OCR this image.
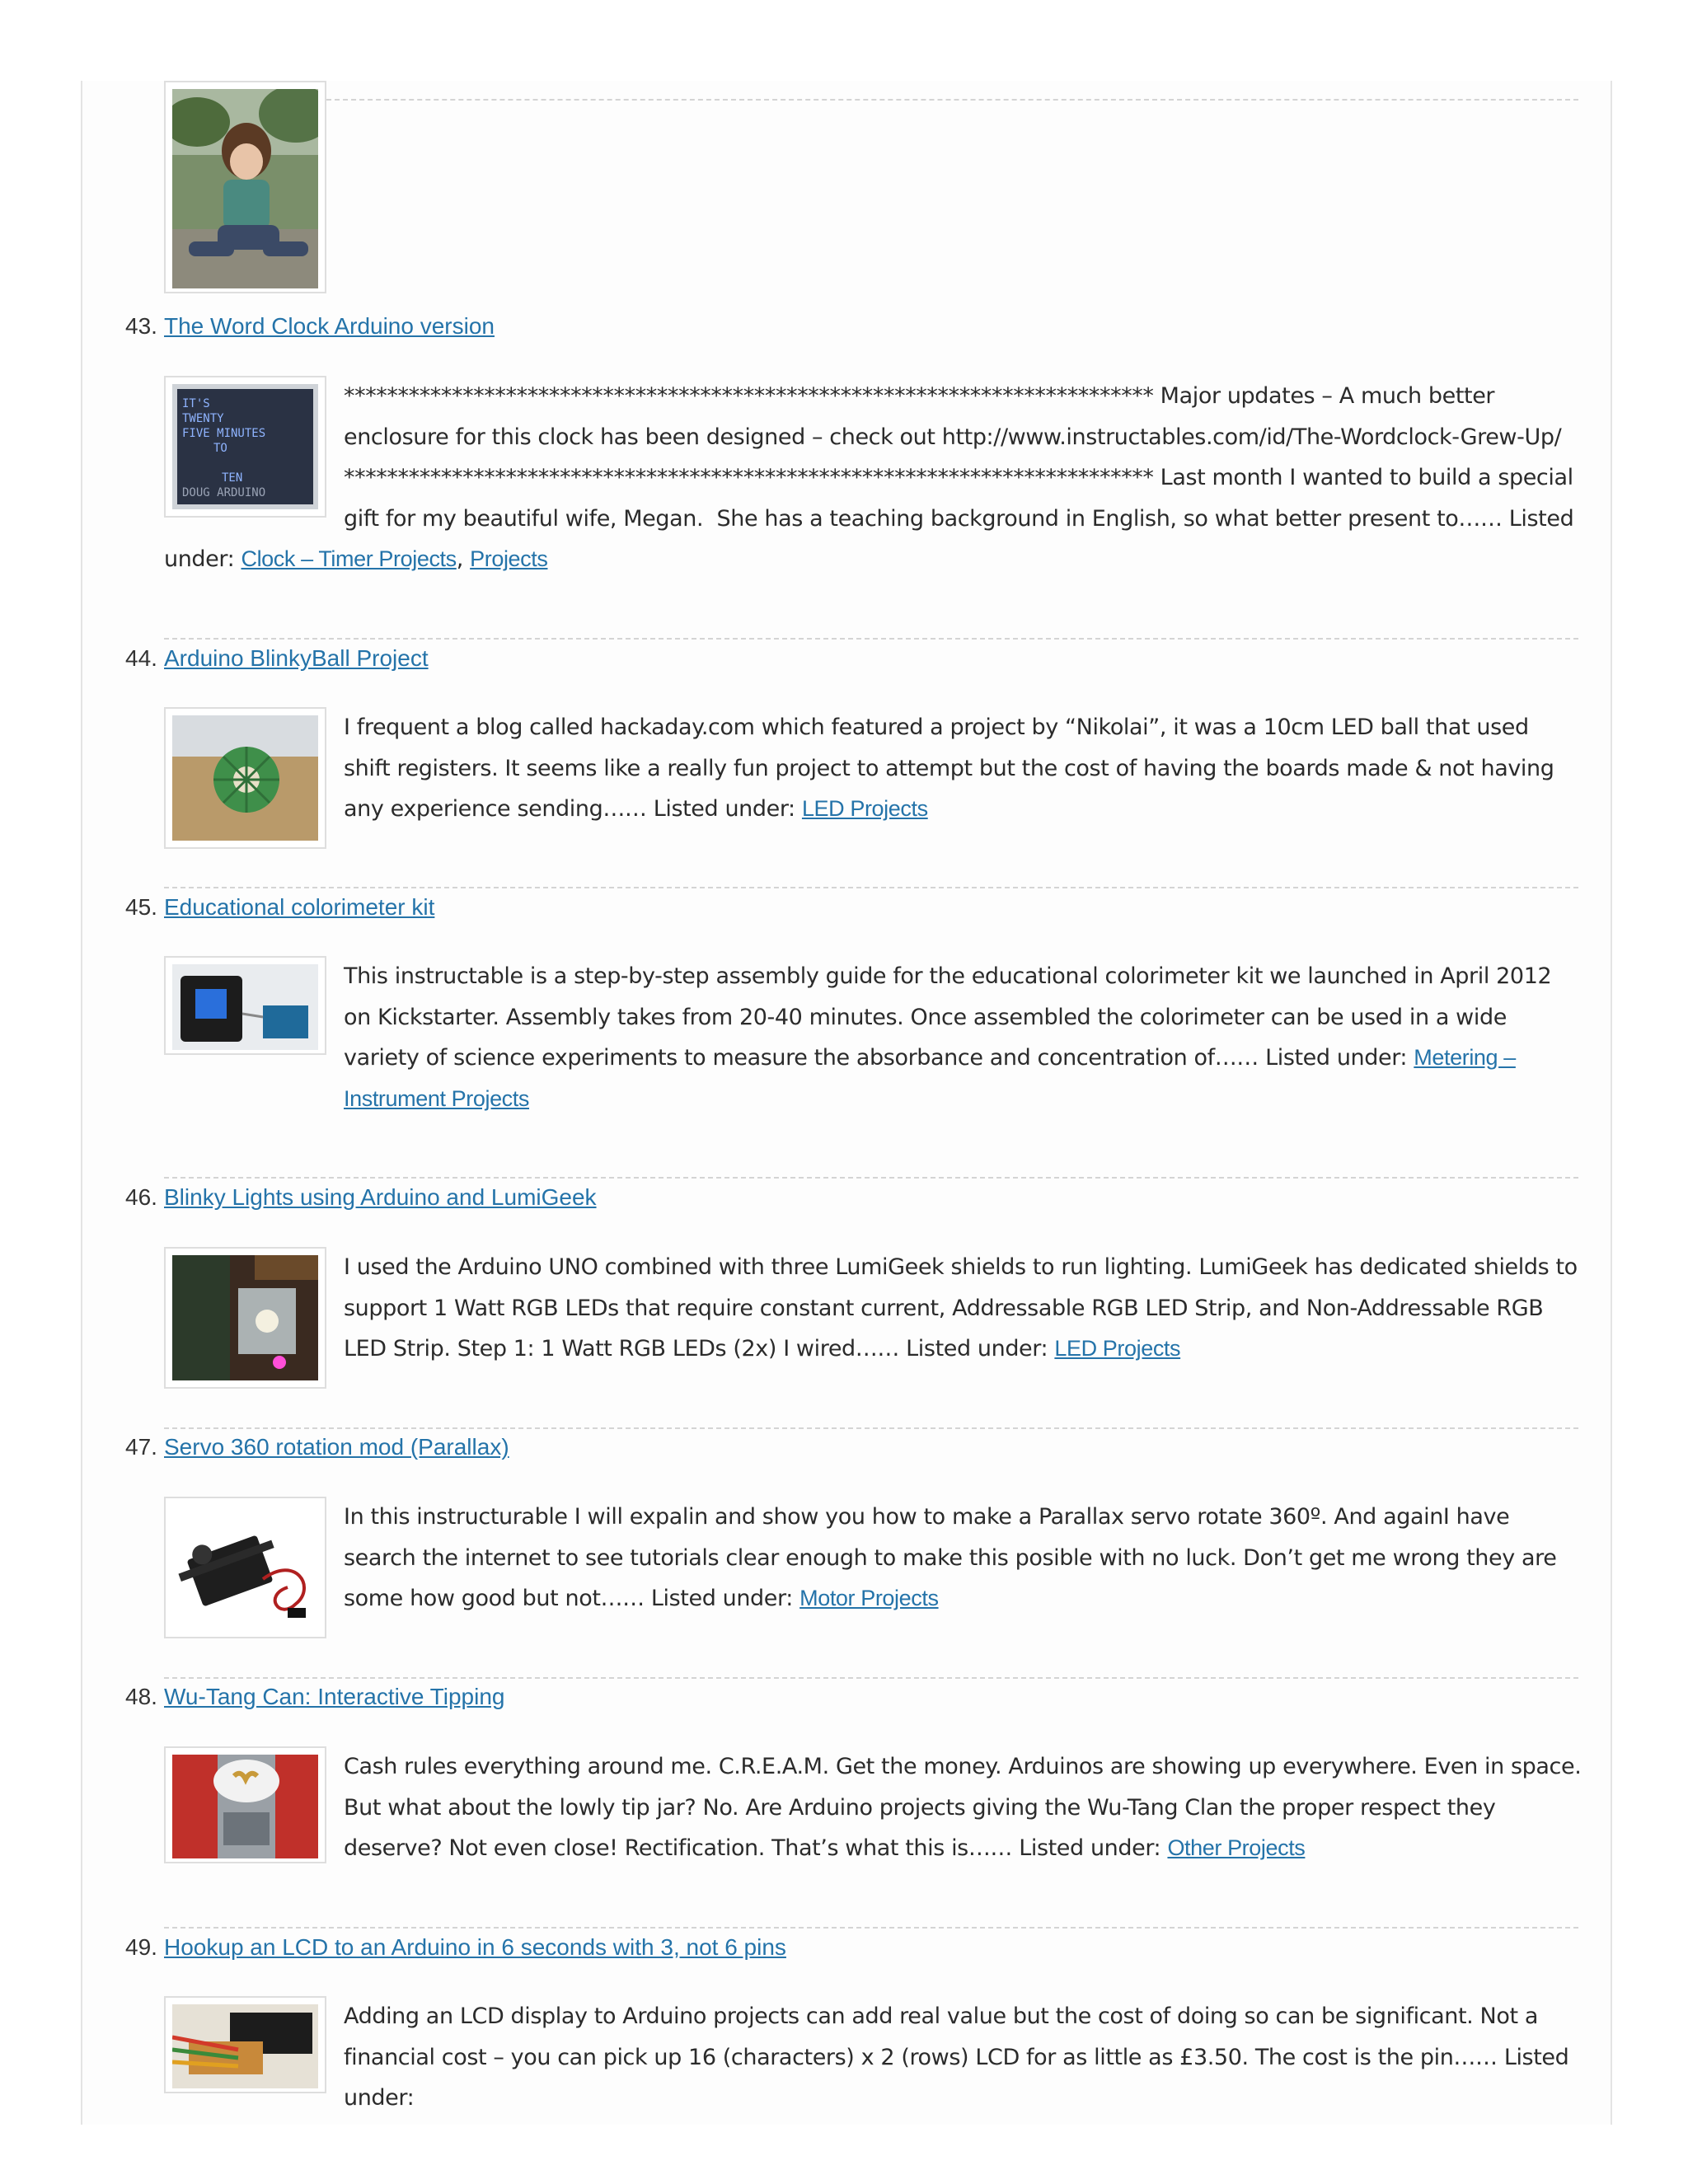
43. The Word Clock Arduino version
IT'S
TWENTY
FIVE MINUTES
TO
TEN
DOUG ARDUINO
*************************************************************************** Major updates – A much better enclosure for this clock has been designed – check out http://www.instructables.com/id/The-Wordclock-Grew-Up/ *************************************************************************** Last month I wanted to build a special gift for my beautiful wife, Megan.  She has a teaching background in English, so what better present to…… Listed under: Clock – Timer Projects, Projects
44. Arduino BlinkyBall Project
I frequent a blog called hackaday.com which featured a project by “Nikolai”, it was a 10cm LED ball that used shift registers. It seems like a really fun project to attempt but the cost of having the boards made & not having any experience sending…… Listed under: LED Projects
45. Educational colorimeter kit
This instructable is a step-by-step assembly guide for the educational colorimeter kit we launched in April 2012 on Kickstarter. Assembly takes from 20-40 minutes. Once assembled the colorimeter can be used in a wide variety of science experiments to measure the absorbance and concentration of…… Listed under: Metering – Instrument Projects
46. Blinky Lights using Arduino and LumiGeek
I used the Arduino UNO combined with three LumiGeek shields to run lighting. LumiGeek has dedicated shields to support 1 Watt RGB LEDs that require constant current, Addressable RGB LED Strip, and Non-Addressable RGB LED Strip. Step 1: 1 Watt RGB LEDs (2x) I wired…… Listed under: LED Projects
47. Servo 360 rotation mod (Parallax)
In this instructurable I will expalin and show you how to make a Parallax servo rotate 360º. And againI have search the internet to see tutorials clear enough to make this posible with no luck. Don’t get me wrong they are some how good but not…… Listed under: Motor Projects
48. Wu-Tang Can: Interactive Tipping
Cash rules everything around me. C.R.E.A.M. Get the money. Arduinos are showing up everywhere. Even in space. But what about the lowly tip jar? No. Are Arduino projects giving the Wu-Tang Clan the proper respect they deserve? Not even close! Rectification. That’s what this is…… Listed under: Other Projects
49. Hookup an LCD to an Arduino in 6 seconds with 3, not 6 pins
Adding an LCD display to Arduino projects can add real value but the cost of doing so can be significant. Not a financial cost – you can pick up 16 (characters) x 2 (rows) LCD for as little as £3.50. The cost is the pin…… Listed under:
